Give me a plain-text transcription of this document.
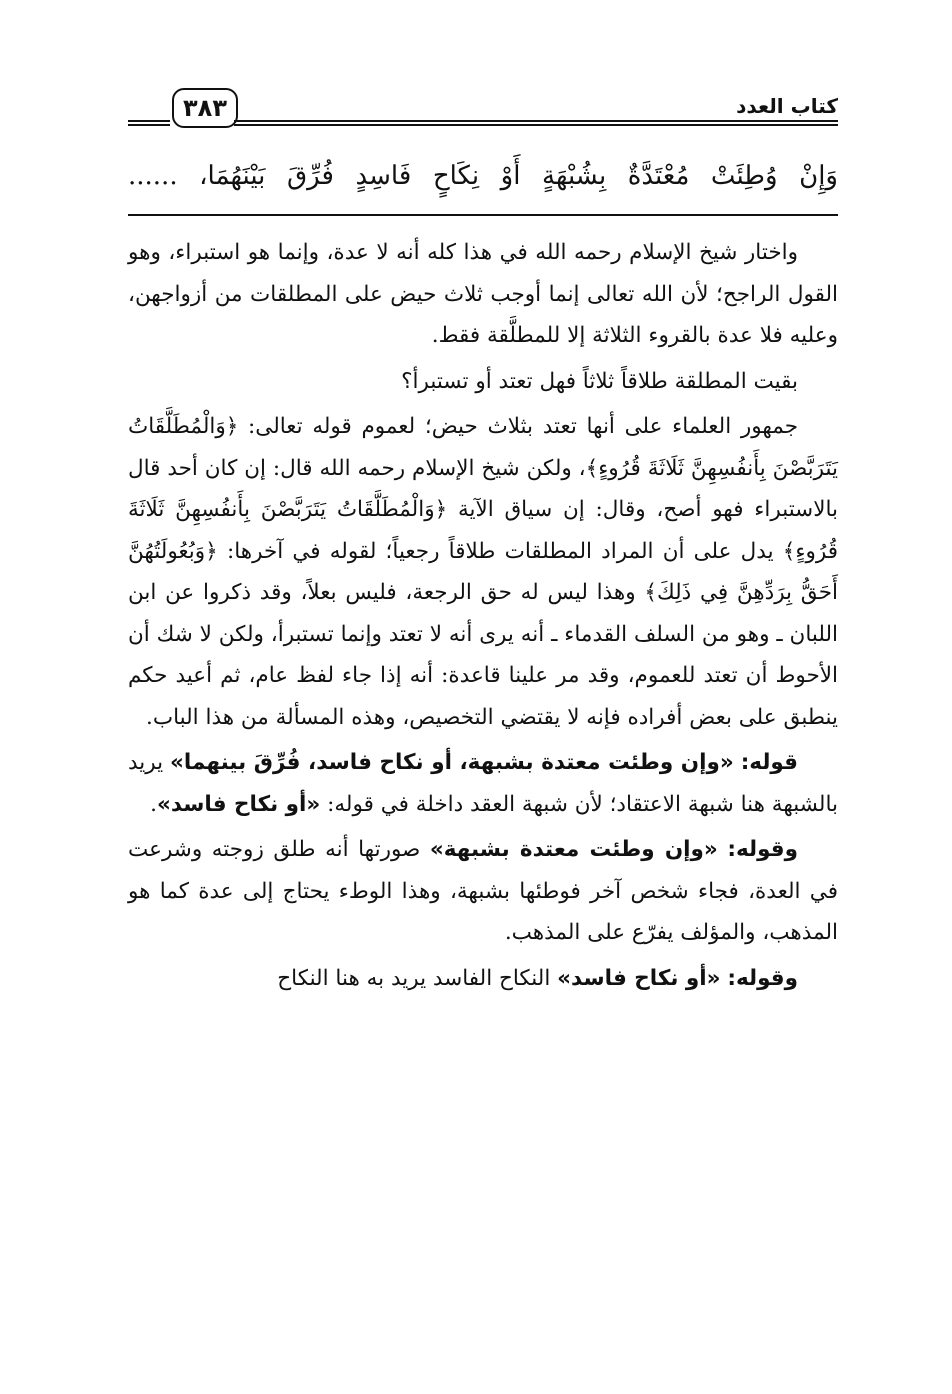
كتاب العدد
٣٨٣
وَإِنْ وُطِئَتْ مُعْتَدَّةٌ بِشُبْهَةٍ أَوْ نِكَاحٍ فَاسِدٍ فُرِّقَ بَيْنَهُمَا، ......

واختار شيخ الإسلام رحمه الله في هذا كله أنه لا عدة، وإنما هو استبراء، وهو القول الراجح؛ لأن الله تعالى إنما أوجب ثلاث حيض على المطلقات من أزواجهن، وعليه فلا عدة بالقروء الثلاثة إلا للمطلَّقة فقط.

بقيت المطلقة طلاقاً ثلاثاً فهل تعتد أو تستبرأ؟

جمهور العلماء على أنها تعتد بثلاث حيض؛ لعموم قوله تعالى: ﴿وَالْمُطَلَّقَاتُ يَتَرَبَّصْنَ بِأَنفُسِهِنَّ ثَلَاثَةَ قُرُوءٍ﴾، ولكن شيخ الإسلام رحمه الله قال: إن كان أحد قال بالاستبراء فهو أصح، وقال: إن سياق الآية ﴿وَالْمُطَلَّقَاتُ يَتَرَبَّصْنَ بِأَنفُسِهِنَّ ثَلَاثَةَ قُرُوءٍ﴾ يدل على أن المراد المطلقات طلاقاً رجعياً؛ لقوله في آخرها: ﴿وَبُعُولَتُهُنَّ أَحَقُّ بِرَدِّهِنَّ فِي ذَلِكَ﴾ وهذا ليس له حق الرجعة، فليس بعلاً، وقد ذكروا عن ابن اللبان ـ وهو من السلف القدماء ـ أنه يرى أنه لا تعتد وإنما تستبرأ، ولكن لا شك أن الأحوط أن تعتد للعموم، وقد مر علينا قاعدة: أنه إذا جاء لفظ عام، ثم أعيد حكم ينطبق على بعض أفراده فإنه لا يقتضي التخصيص، وهذه المسألة من هذا الباب.

قوله: «وإن وطئت معتدة بشبهة، أو نكاح فاسد، فُرِّقَ بينهما» يريد بالشبهة هنا شبهة الاعتقاد؛ لأن شبهة العقد داخلة في قوله: «أو نكاح فاسد».

وقوله: «وإن وطئت معتدة بشبهة» صورتها أنه طلق زوجته وشرعت في العدة، فجاء شخص آخر فوطئها بشبهة، وهذا الوطء يحتاج إلى عدة كما هو المذهب، والمؤلف يفرّع على المذهب.

وقوله: «أو نكاح فاسد» النكاح الفاسد يريد به هنا النكاح
